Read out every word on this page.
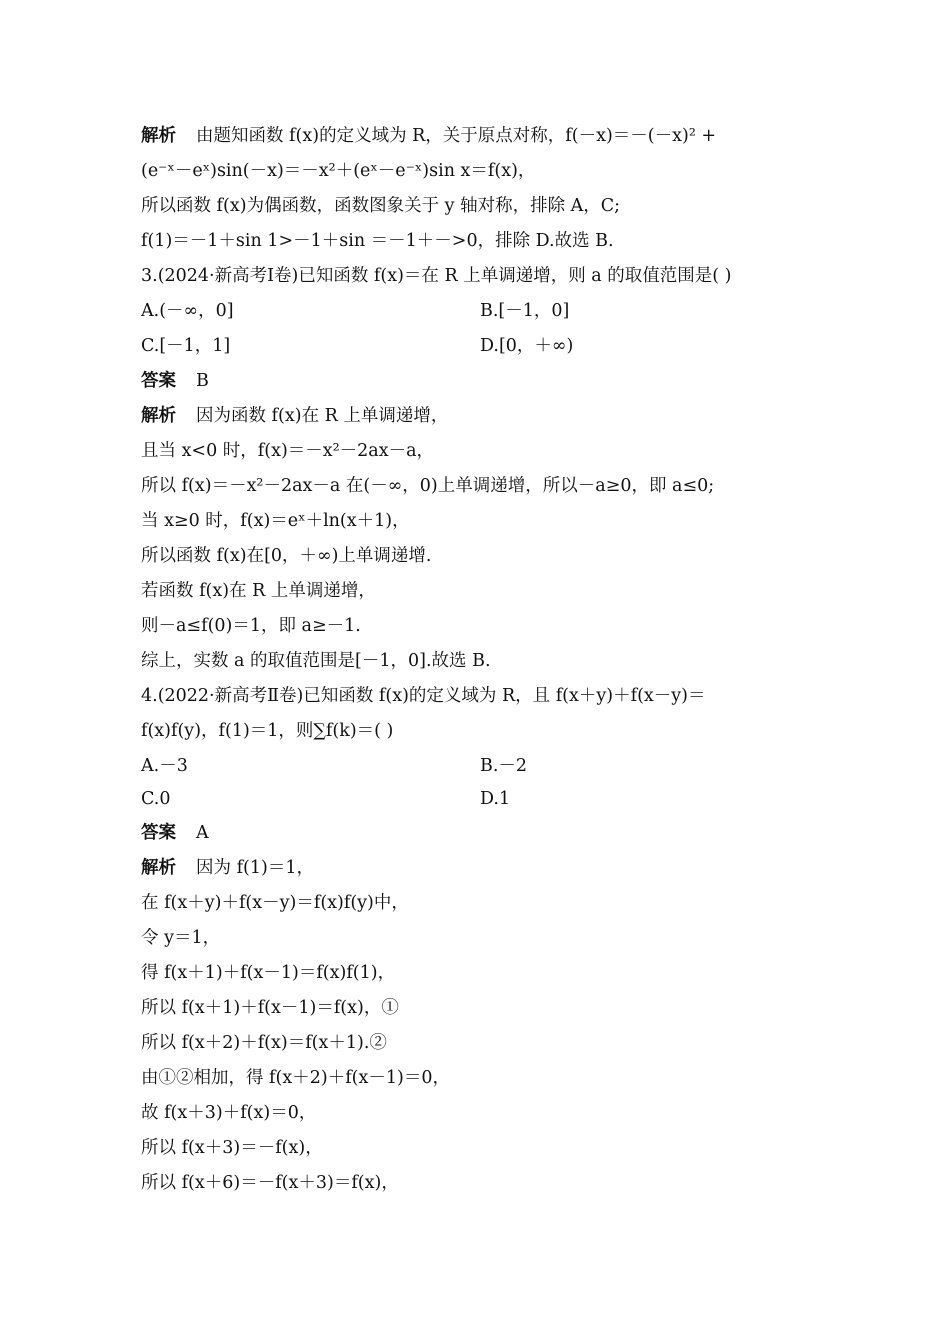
解析 由题知函数 f(x)的定义域为 R，关于原点对称，f(－x)＝－(－x)² +
(e⁻ˣ－eˣ)sin(－x)＝－x²＋(eˣ－e⁻ˣ)sin x＝f(x)，
所以函数 f(x)为偶函数，函数图象关于 y 轴对称，排除 A，C;
f(1)＝－1＋sin 1>－1＋sin ＝－1＋－>0，排除 D.故选 B.
3.(2024·新高考Ⅰ卷)已知函数 f(x)＝在 R 上单调递增，则 a 的取值范围是( )
A.(－∞，0]	B.[－1，0]
C.[－1，1]	D.[0，＋∞)
答案 B
解析 因为函数 f(x)在 R 上单调递增，
且当 x<0 时，f(x)＝－x²－2ax－a，
所以 f(x)＝－x²－2ax－a 在(－∞，0)上单调递增，所以－a≥0，即 a≤0;
当 x≥0 时，f(x)＝eˣ＋ln(x＋1)，
所以函数 f(x)在[0，＋∞)上单调递增.
若函数 f(x)在 R 上单调递增，
则－a≤f(0)＝1，即 a≥－1.
综上，实数 a 的取值范围是[－1，0].故选 B.
4.(2022·新高考Ⅱ卷)已知函数 f(x)的定义域为 R，且 f(x＋y)＋f(x－y)＝
f(x)f(y)，f(1)＝1，则∑f(k)＝( )
A.－3	B.－2
C.0	D.1
答案 A
解析 因为 f(1)＝1，
在 f(x＋y)＋f(x－y)＝f(x)f(y)中，
令 y＝1，
得 f(x＋1)＋f(x－1)＝f(x)f(1)，
所以 f(x＋1)＋f(x－1)＝f(x)，①
所以 f(x＋2)＋f(x)＝f(x＋1).②
由①②相加，得 f(x＋2)＋f(x－1)＝0，
故 f(x＋3)＋f(x)＝0，
所以 f(x＋3)＝－f(x)，
所以 f(x＋6)＝－f(x＋3)＝f(x)，
